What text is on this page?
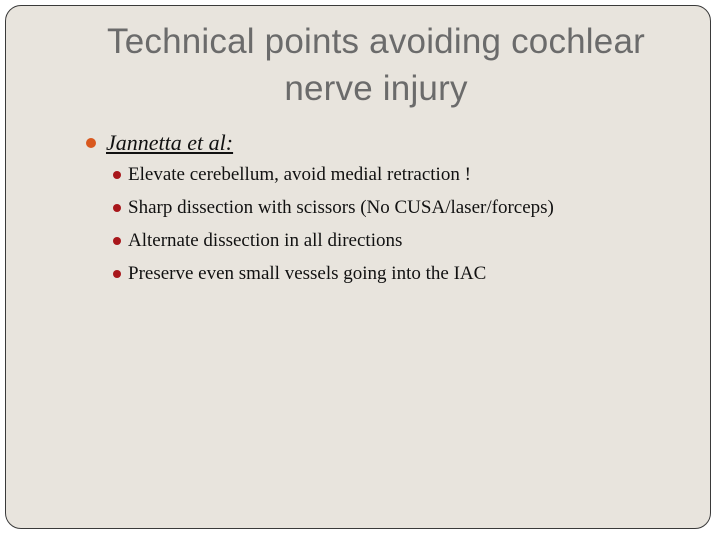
Technical points avoiding cochlear
nerve injury
Jannetta et al:
Elevate cerebellum, avoid medial retraction !
Sharp dissection with scissors (No CUSA/laser/forceps)
Alternate dissection in all directions
Preserve even small vessels going into the IAC
